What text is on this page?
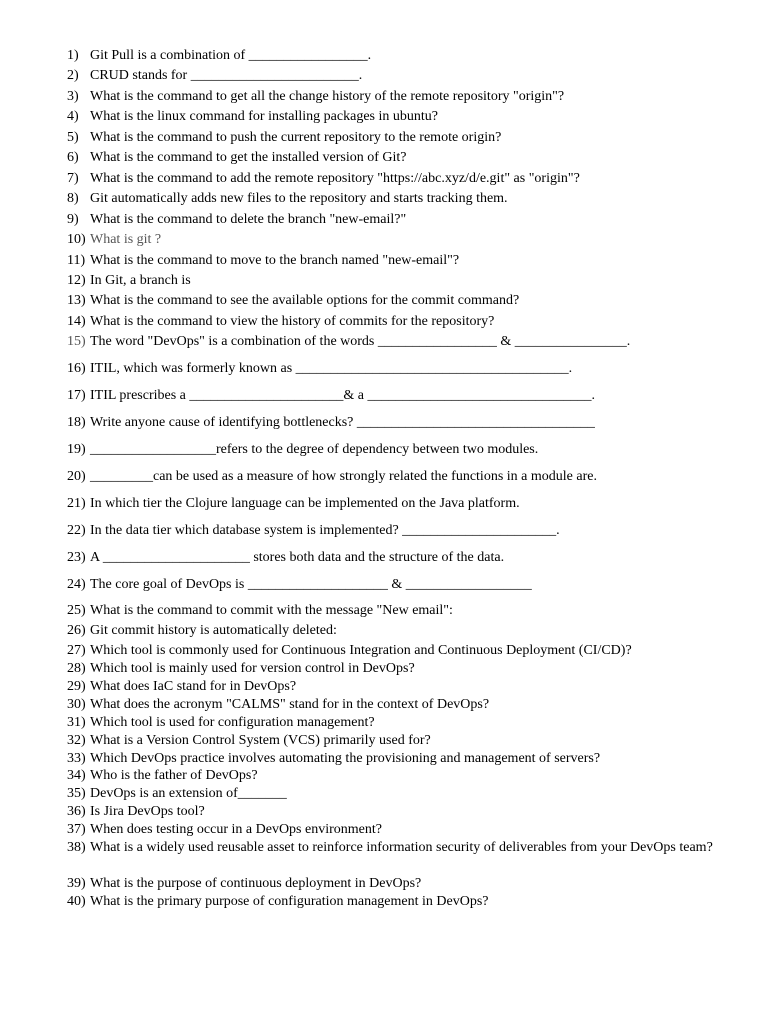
1) Git Pull is a combination of _________________.
2) CRUD stands for ________________________.
3) What is the command to get all the change history of the remote repository "origin"?
4) What is the linux command for installing packages in ubuntu?
5) What is the command to push the current repository to the remote origin?
6) What is the command to get the installed version of Git?
7) What is the command to add the remote repository "https://abc.xyz/d/e.git" as "origin"?
8) Git automatically adds new files to the repository and starts tracking them.
9) What is the command to delete the branch "new-email?"
10) What is git ?
11) What is the command to move to the branch named "new-email"?
12) In Git, a branch is
13) What is the command to see the available options for the commit command?
14) What is the command to view the history of commits for the repository?
15) The word "DevOps" is a combination of the words _________________ & ________________.
16) ITIL, which was formerly known as _______________________________________.
17) ITIL prescribes a ______________________& a ________________________________.
18) Write anyone cause of identifying bottlenecks? __________________________________
19) __________________refers to the degree of dependency between two modules.
20) _________can be used as a measure of how strongly related the functions in a module are.
21) In which tier the Clojure language can be implemented on the Java platform.
22) In the data tier which database system is implemented? ______________________.
23) A _____________________ stores both data and the structure of the data.
24) The core goal of DevOps is ____________________ & __________________
25) What is the command to commit with the message "New email":
26) Git commit history is automatically deleted:
27) Which tool is commonly used for Continuous Integration and Continuous Deployment (CI/CD)?
28) Which tool is mainly used for version control in DevOps?
29) What does IaC stand for in DevOps?
30) What does the acronym "CALMS" stand for in the context of DevOps?
31) Which tool is used for configuration management?
32) What is a Version Control System (VCS) primarily used for?
33) Which DevOps practice involves automating the provisioning and management of servers?
34) Who is the father of DevOps?
35) DevOps is an extension of_______
36) Is Jira DevOps tool?
37) When does testing occur in a DevOps environment?
38) What is a widely used reusable asset to reinforce information security of deliverables from your DevOps team?
39) What is the purpose of continuous deployment in DevOps?
40) What is the primary purpose of configuration management in DevOps?
